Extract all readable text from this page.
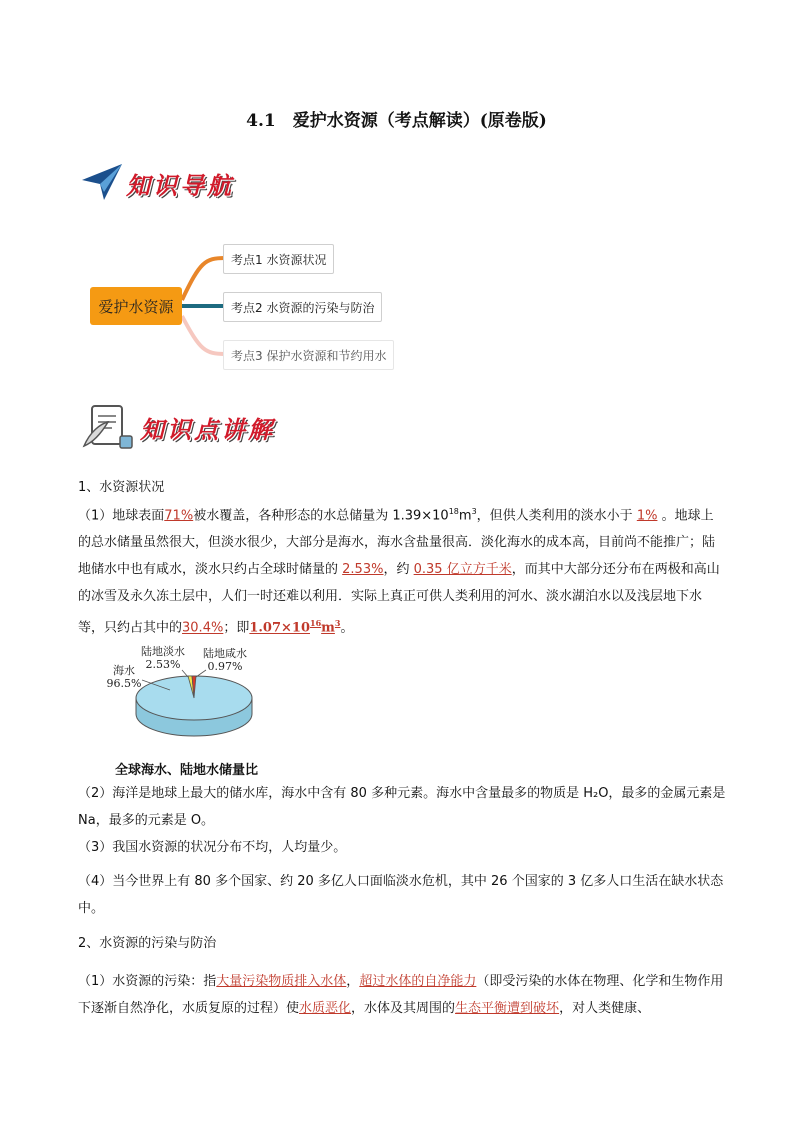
4.1　爱护水资源（考点解读）(原卷版)
知识导航
爱护水资源
考点1 水资源状况
考点2 水资源的污染与防治
考点3 保护水资源和节约用水
知识点讲解
1、水资源状况
（1）地球表面71%被水覆盖，各种形态的水总储量为 $1.39\times 10^{18}m^3$，但供人类利用的淡水小于 1% 。地球上的总水储量虽然很大，但淡水很少，大部分是海水，海水含盐量很高．淡化海水的成本高，目前尚不能推广；陆地储水中也有咸水，淡水只约占全球时储量的 2.53%，约 0.35 亿立方千米，而其中大部分还分布在两极和高山的冰雪及永久冻土层中，人们一时还难以利用．实际上真正可供人类利用的河水、淡水湖泊水以及浅层地下水等，只约占其中的30.4%；即$1.07\times 10^{16}m^3$。
海水
96.5%
陆地淡水
2.53%
陆地咸水
0.97%
全球海水、陆地水储量比
（2）海洋是地球上最大的储水库，海水中含有 80 多种元素。海水中含量最多的物质是 H₂O，最多的金属元素是 Na，最多的元素是 O。
（3）我国水资源的状况分布不均，人均量少。
（4）当今世界上有 80 多个国家、约 20 多亿人口面临淡水危机，其中 26 个国家的 3 亿多人口生活在缺水状态中。
2、水资源的污染与防治
（1）水资源的污染：指大量污染物质排入水体，超过水体的自净能力（即受污染的水体在物理、化学和生物作用下逐渐自然净化，水质复原的过程）使水质恶化，水体及其周围的生态平衡遭到破坏，对人类健康、
